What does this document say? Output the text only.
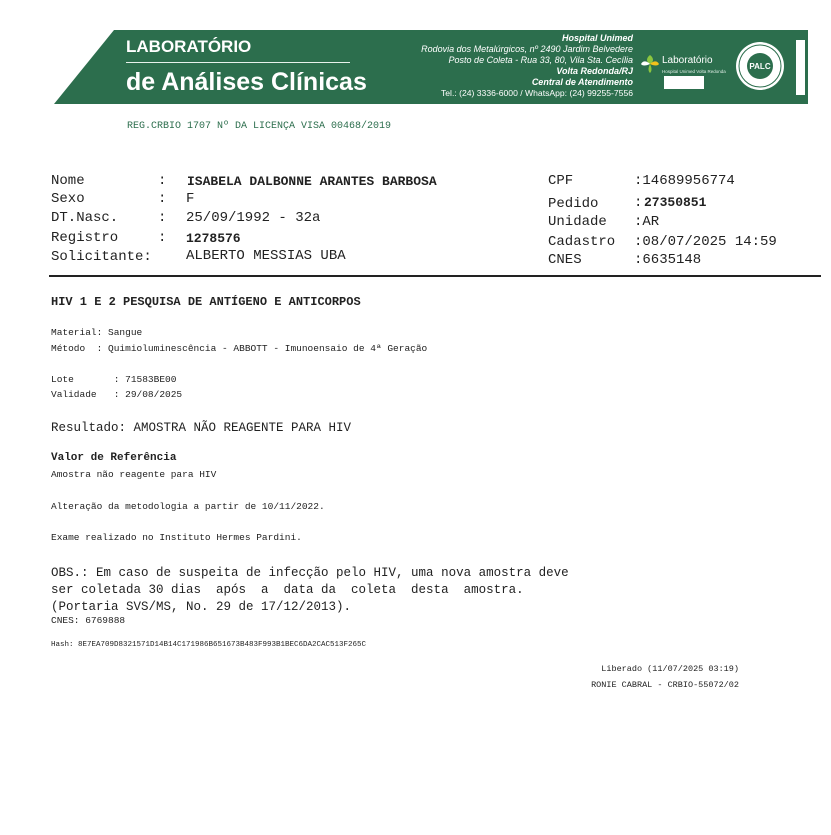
LABORATÓRIO
de Análises Clínicas
Hospital Unimed
Rodovia dos Metalúrgicos, nº 2490 Jardim Belvedere
Posto de Coleta - Rua 33, 80, Vila Sta. Cecília
Volta Redonda/RJ
Central de Atendimento
Tel.: (24) 3336-6000 / WhatsApp: (24) 99255-7556
Laboratório
Hospital Unimed Volta Redonda
PALC
REG.CRBIO 1707 Nº DA LICENÇA VISA 00468/2019
Nome	: ISABELA DALBONNE ARANTES BARBOSA
Sexo	: F
DT.Nasc.	: 25/09/1992 - 32a
Registro	: 1278576
Solicitante: ALBERTO MESSIAS UBA
CPF	:14689956774
Pedido	: 27350851
Unidade :AR
Cadastro :08/07/2025 14:59
CNES	:6635148
HIV 1 E 2 PESQUISA DE ANTÍGENO E ANTICORPOS
Material: Sangue
Método  : Quimioluminescência - ABBOTT - Imunoensaio de 4ª Geração
Lote       : 71583BE00
Validade   : 29/08/2025
Resultado: AMOSTRA NÃO REAGENTE PARA HIV
Valor de Referência
Amostra não reagente para HIV
Alteração da metodologia a partir de 10/11/2022.
Exame realizado no Instituto Hermes Pardini.
OBS.: Em caso de suspeita de infecção pelo HIV, uma nova amostra deve
ser coletada 30 dias  após  a  data da  coleta  desta  amostra.
(Portaria SVS/MS, No. 29 de 17/12/2013).
CNES: 6769888
Hash: 8E7EA709D8321571D14B14C171986B651673B483F993B1BEC6DA2CAC513F265C
Liberado (11/07/2025 03:19)
RONIE CABRAL - CRBIO-55072/02
